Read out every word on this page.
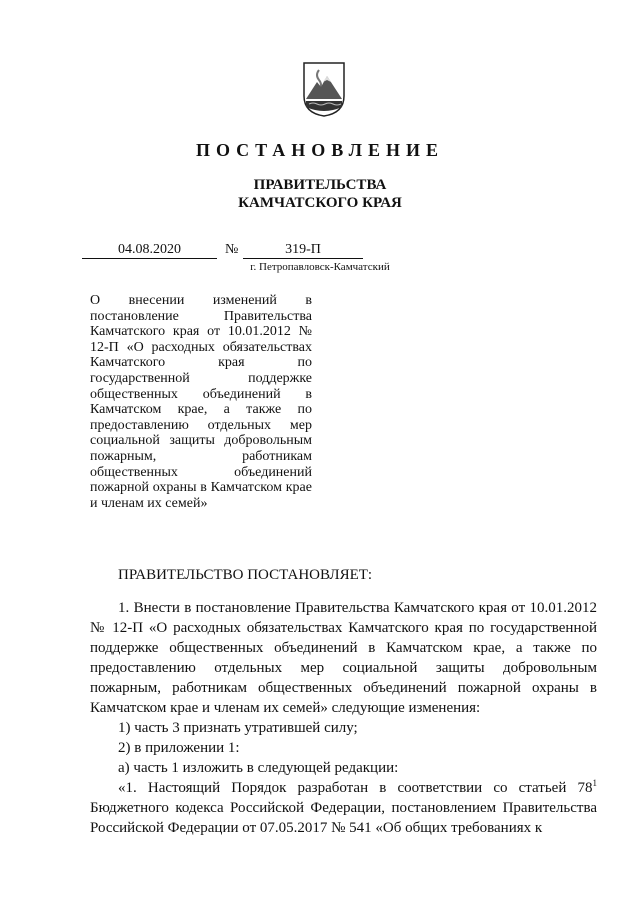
ПОСТАНОВЛЕНИЕ
ПРАВИТЕЛЬСТВА
КАМЧАТСКОГО КРАЯ
04.08.2020	№	319-П
г. Петропавловск-Камчатский
О внесении изменений в постановление Правительства Камчатского края от 10.01.2012 № 12-П «О расходных обязательствах Камчатского края по государственной поддержке общественных объединений в Камчатском крае, а также по предоставлению отдельных мер социальной защиты добровольным пожарным, работникам общественных объединений пожарной охраны в Камчатском крае и членам их семей»
ПРАВИТЕЛЬСТВО ПОСТАНОВЛЯЕТ:

1. Внести в постановление Правительства Камчатского края от 10.01.2012 № 12-П «О расходных обязательствах Камчатского края по государственной поддержке общественных объединений в Камчатском крае, а также по предоставлению отдельных мер социальной защиты добровольным пожарным, работникам общественных объединений пожарной охраны в Камчатском крае и членам их семей» следующие изменения:

1) часть 3 признать утратившей силу;

2) в приложении 1:

а) часть 1 изложить в следующей редакции:

«1. Настоящий Порядок разработан в соответствии со статьей $78^1$ Бюджетного кодекса Российской Федерации, постановлением Правительства Российской Федерации от 07.05.2017 № 541 «Об общих требованиях к
